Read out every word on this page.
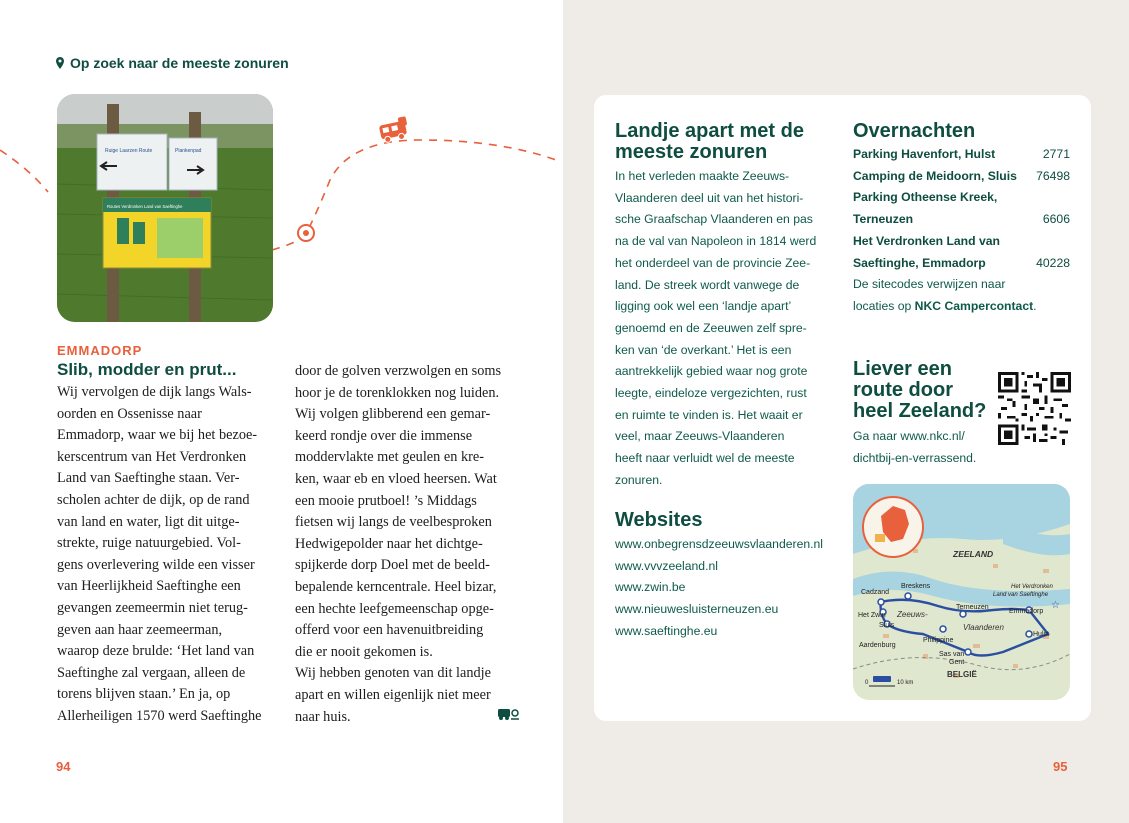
Op zoek naar de meeste zonuren
Ruige Laarzen Route	Plankenpad
Routes Verdronken Land van Saeftinghe
EMMADORP
Slib, modder en prut...
Wij vervolgen de dijk langs Wals-
oorden en Ossenisse naar
Emmadorp, waar we bij het bezoe-
kerscentrum van Het Verdronken
Land van Saeftinghe staan. Ver-
scholen achter de dijk, op de rand
van land en water, ligt dit uitge-
strekte, ruige natuurgebied. Vol-
gens overlevering wilde een visser
van Heerlijkheid Saeftinghe een
gevangen zeemeermin niet terug-
geven aan haar zeemeerman,
waarop deze brulde: ‘Het land van
Saeftinghe zal vergaan, alleen de
torens blijven staan.’ En ja, op
Allerheiligen 1570 werd Saeftinghe
door de golven verzwolgen en soms
hoor je de torenklokken nog luiden.
Wij volgen glibberend een gemar-
keerd rondje over die immense
moddervlakte met geulen en kre-
ken, waar eb en vloed heersen. Wat
een mooie prutboel! ’s Middags
fietsen wij langs de veelbesproken
Hedwigepolder naar het dichtge-
spijkerde dorp Doel met de beeld-
bepalende kerncentrale. Heel bizar,
een hechte leefgemeenschap opge-
offerd voor een havenuitbreiding
die er nooit gekomen is.
Wij hebben genoten van dit landje
apart en willen eigenlijk niet meer
naar huis.
94
Landje apart met de
meeste zonuren
In het verleden maakte Zeeuws-
Vlaanderen deel uit van het histori-
sche Graafschap Vlaanderen en pas
na de val van Napoleon in 1814 werd
het onderdeel van de provincie Zee-
land. De streek wordt vanwege de
ligging ook wel een ‘landje apart’
genoemd en de Zeeuwen zelf spre-
ken van ‘de overkant.’ Het is een
aantrekkelijk gebied waar nog grote
leegte, eindeloze vergezichten, rust
en ruimte te vinden is. Het waait er
veel, maar Zeeuws-Vlaanderen
heeft naar verluidt wel de meeste
zonuren.
Websites
www.onbegrensdzeeuwsvlaanderen.nl
www.vvvzeeland.nl
www.zwin.be
www.nieuwesluisterneuzen.eu
www.saeftinghe.eu
Overnachten
Parking Havenfort, Hulst	2771
Camping de Meidoorn, Sluis 76498
Parking Otheense Kreek,
Terneuzen	6606
Het Verdronken Land van
Saeftinghe, Emmadorp	40228
De sitecodes verwijzen naar
locaties op NKC Campercontact.
Liever een
route door
heel Zeeland?
Ga naar www.nkc.nl/
dichtbij-en-verrassend.
ZEELAND
Breskens
Cadzand
Het Zwin
Sluis
Aardenburg
Zeeuws-
Vlaanderen
Terneuzen
Philippine
Sas van
Gent
BELGIË
Hulst
Emmadorp
Het Verdronken
Land van Saeftinghe
☆
0	10 km
95
